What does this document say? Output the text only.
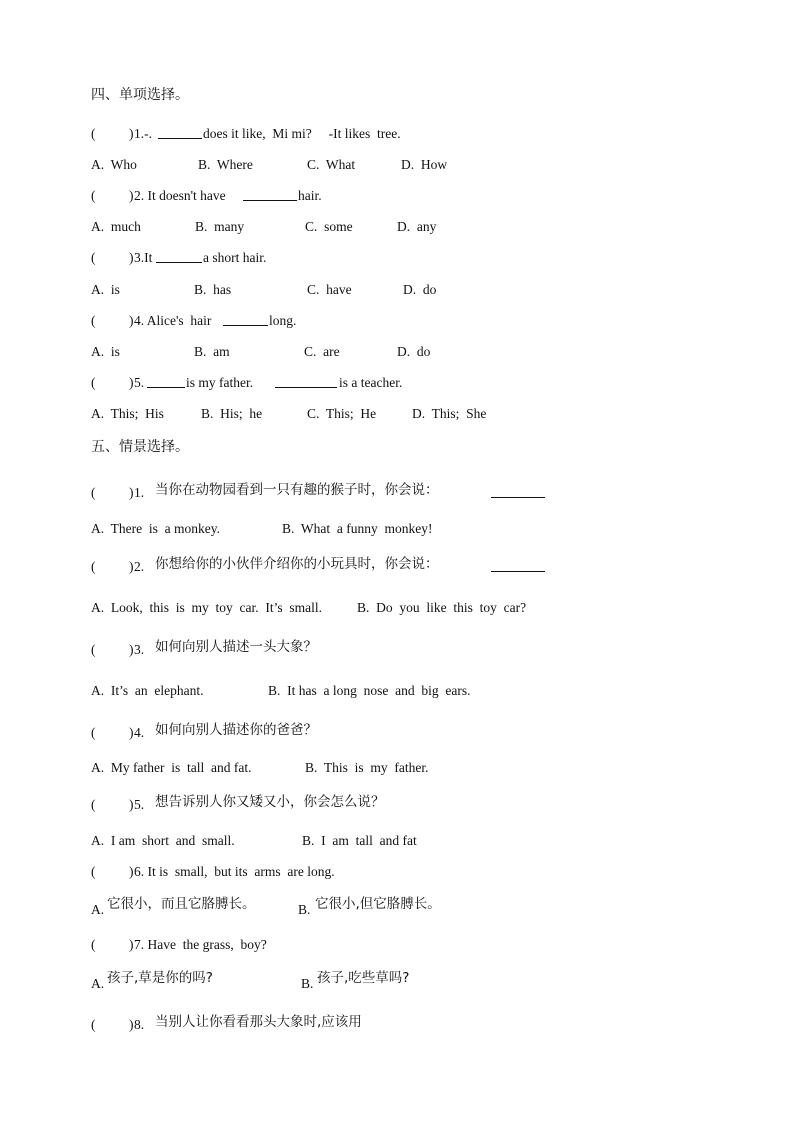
四、单项选择。
( ) 1.-.	does it like,  Mi mi?     -It likes  tree.
A.  Who	B.  Where	C.  What	D.  How
( ) 2. It doesn't have	hair.
A.  much	B.  many	C.  some	D.  any
( ) 3.It	a short hair.
A.  is	B.  has	C.  have	D.  do
( ) 4. Alice's  hair	long.
A.  is	B.  am	C.  are	D.  do
( ) 5.	is my father.	is a teacher.
A.  This;  His	B.  His;  he	C.  This;  He	D.  This;  She
五、情景选择。
( ) 1. 当你在动物园看到一只有趣的猴子时，你会说：
A.  There  is  a monkey.	B.  What  a funny  monkey!
( ) 2. 你想给你的小伙伴介绍你的小玩具时，你会说：
A.  Look,  this  is  my  toy  car.  It’s  small.	B.  Do  you  like  this  toy  car?
( ) 3. 如何向别人描述一头大象？
A.  It’s  an  elephant.	B.  It has  a long  nose  and  big  ears.
( ) 4. 如何向别人描述你的爸爸？
A.  My father  is  tall  and fat.	B.  This  is  my  father.
( ) 5. 想告诉别人你又矮又小，你会怎么说？
A.  I am  short  and  small.	B.  I  am  tall  and fat
( ) 6. It is  small,  but its  arms  are long.
A. 它很小，而且它胳膊长。	B. 它很小,但它胳膊长。
( ) 7. Have  the grass,  boy?
A. 孩子,草是你的吗?	B. 孩子,吃些草吗?
( ) 8. 当别人让你看看那头大象时,应该用
